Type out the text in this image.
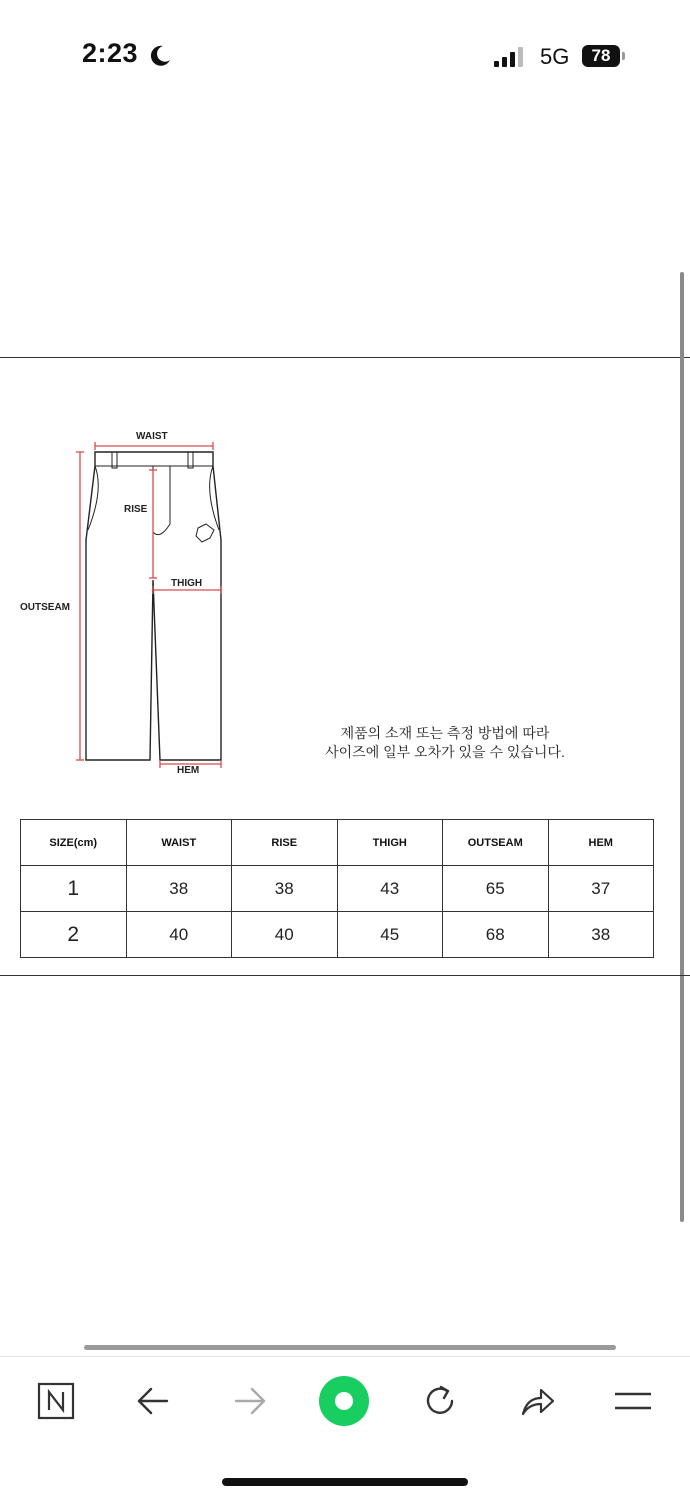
2:23	5G	78
WAIST
RISE
THIGH
OUTSEAM
HEM
제품의 소재 또는 측정 방법에 따라
사이즈에 일부 오차가 있을 수 있습니다.
SIZE(cm)	WAIST	RISE	THIGH	OUTSEAM	HEM
1	38	38	43	65	37
2	40	40	45	68	38
